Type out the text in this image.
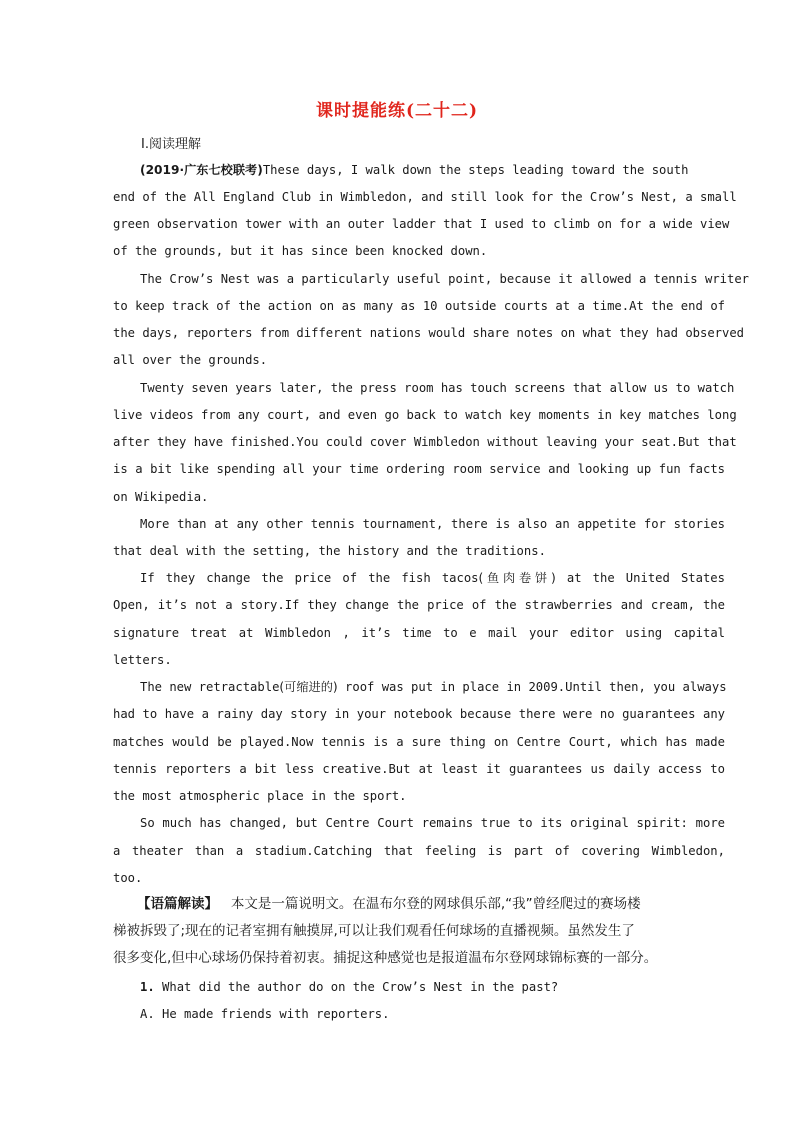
课时提能练(二十二)
Ⅰ.阅读理解
(2019·广东七校联考)These days, I walk down the steps leading toward the south
end of the All England Club in Wimbledon, and still look for the Crow’s Nest, a small
green observation tower with an outer ladder that I used to climb on for a wide view
of the grounds, but it has since been knocked down.
The Crow’s Nest was a particularly useful point, because it allowed a tennis writer
to keep track of the action on as many as 10 outside courts at a time.At the end of
the days, reporters from different nations would share notes on what they had observed
all over the grounds.
Twenty seven years later, the press room has touch screens that allow us to watch
live videos from any court, and even go back to watch key moments in key matches long
after they have finished.You could cover Wimbledon without leaving your seat.But that
is a bit like spending all your time ordering room service and looking up fun facts
on Wikipedia.
More than at any other tennis tournament, there is also an appetite for stories
that deal with the setting, the history and the traditions.
If they change the price of the fish tacos(鱼肉卷饼) at the United States
Open, it’s not a story.If they change the price of the strawberries and cream, the
signature treat at Wimbledon , it’s time to e mail your editor using capital
letters.
The new retractable(可缩进的) roof was put in place in 2009.Until then, you always
had to have a rainy day story in your notebook because there were no guarantees any
matches would be played.Now tennis is a sure thing on Centre Court, which has made
tennis reporters a bit less creative.But at least it guarantees us daily access to
the most atmospheric place in the sport.
So much has changed, but Centre Court remains true to its original spirit: more
a theater than a stadium.Catching that feeling is part of covering Wimbledon,
too.
【语篇解读】 本文是一篇说明文。在温布尔登的网球俱乐部,“我”曾经爬过的赛场楼
梯被拆毁了;现在的记者室拥有触摸屏,可以让我们观看任何球场的直播视频。虽然发生了
很多变化,但中心球场仍保持着初衷。捕捉这种感觉也是报道温布尔登网球锦标赛的一部分。
1. What did the author do on the Crow’s Nest in the past?
A. He made friends with reporters.
